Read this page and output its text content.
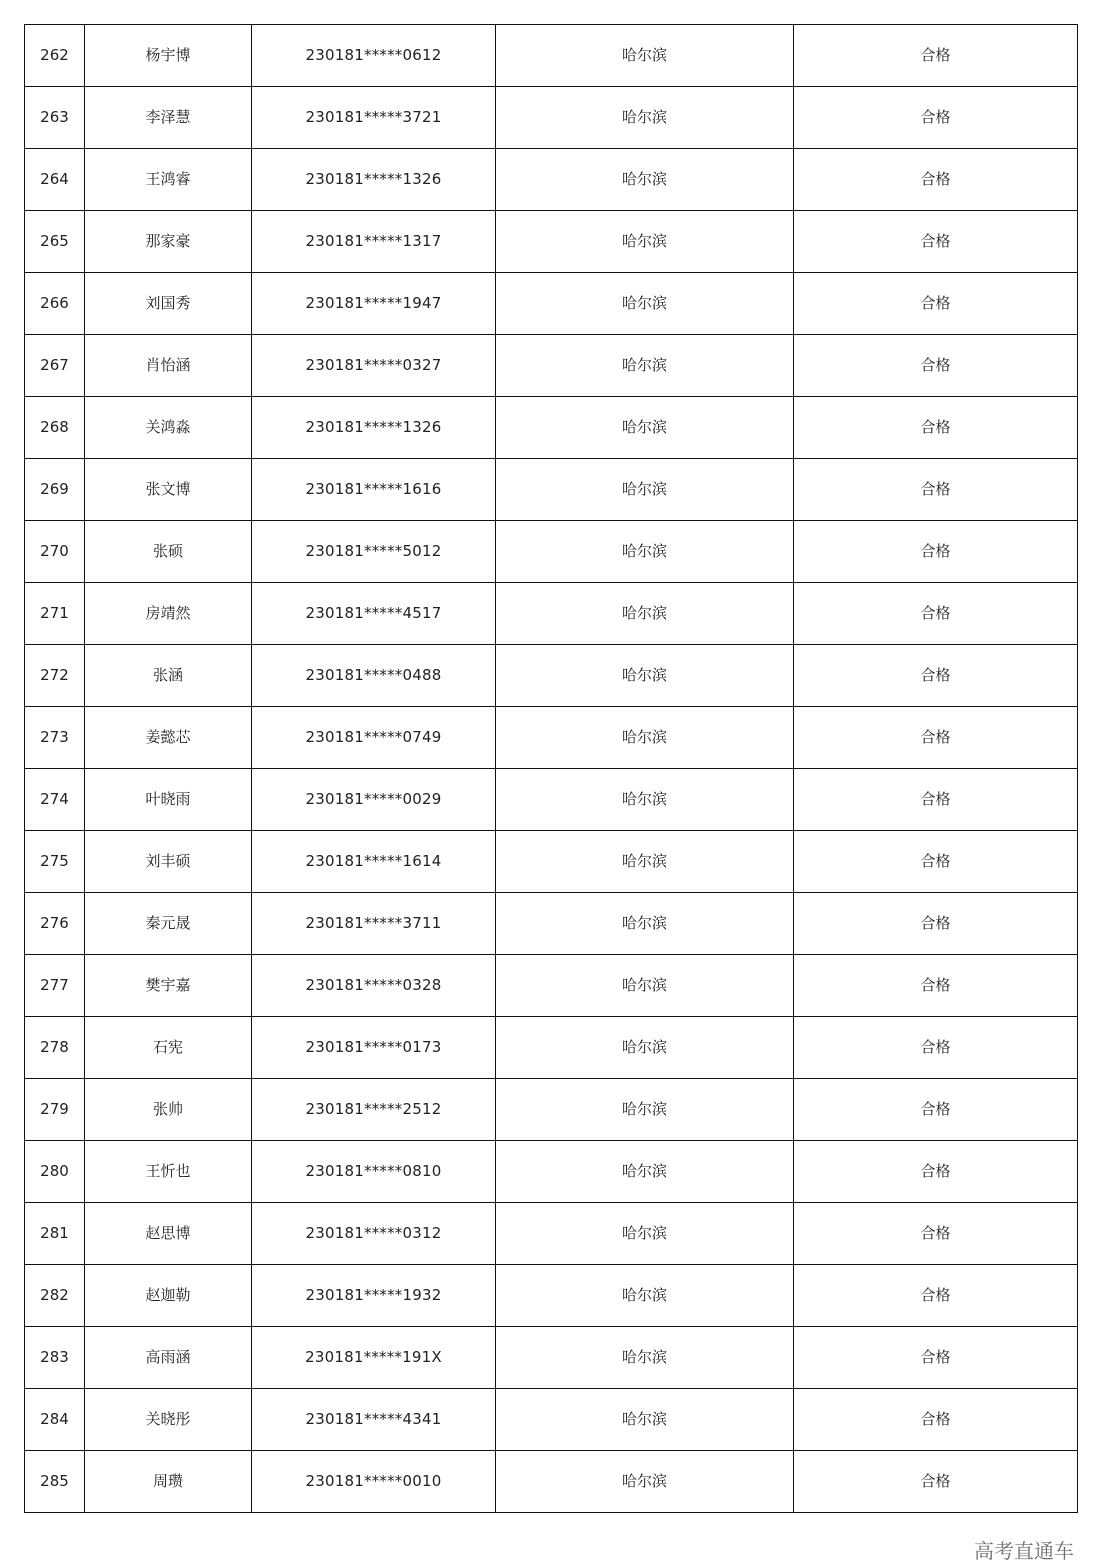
262	杨宇博	230181*****0612	哈尔滨	合格
263	李泽慧	230181*****3721	哈尔滨	合格
264	王鸿睿	230181*****1326	哈尔滨	合格
265	那家豪	230181*****1317	哈尔滨	合格
266	刘国秀	230181*****1947	哈尔滨	合格
267	肖怡涵	230181*****0327	哈尔滨	合格
268	关鸿淼	230181*****1326	哈尔滨	合格
269	张文博	230181*****1616	哈尔滨	合格
270	张硕	230181*****5012	哈尔滨	合格
271	房靖然	230181*****4517	哈尔滨	合格
272	张涵	230181*****0488	哈尔滨	合格
273	姜懿芯	230181*****0749	哈尔滨	合格
274	叶晓雨	230181*****0029	哈尔滨	合格
275	刘丰硕	230181*****1614	哈尔滨	合格
276	秦元晟	230181*****3711	哈尔滨	合格
277	樊宇嘉	230181*****0328	哈尔滨	合格
278	石宪	230181*****0173	哈尔滨	合格
279	张帅	230181*****2512	哈尔滨	合格
280	王忻也	230181*****0810	哈尔滨	合格
281	赵思博	230181*****0312	哈尔滨	合格
282	赵迦勒	230181*****1932	哈尔滨	合格
283	高雨涵	230181*****191X	哈尔滨	合格
284	关晓彤	230181*****4341	哈尔滨	合格
285	周瓒	230181*****0010	哈尔滨	合格
高考直通车
